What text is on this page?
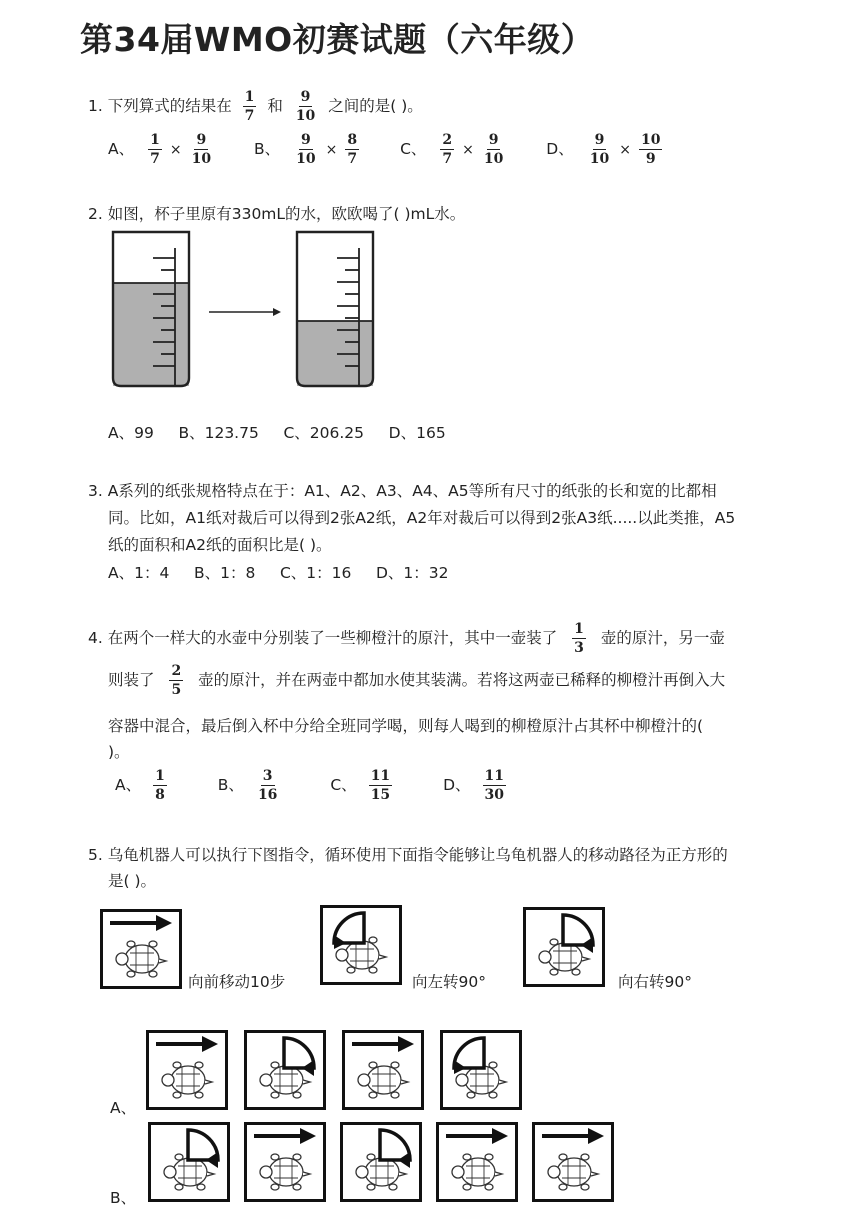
第34届WMO初赛试题（六年级）
1. 下列算式的结果在 $\frac{1}{7}$ 和 $\frac{9}{10}$ 之间的是( )。
A、 $\frac{1}{7} \times \frac{9}{10}$
	B、 $\frac{9}{10} \times \frac{8}{7}$
	C、 $\frac{2}{7} \times \frac{9}{10}$
	D、 $\frac{9}{10} \times \frac{10}{9}$
2. 如图，杯子里原有330mL的水，欧欧喝了( )mL水。
A、99     B、123.75     C、206.25     D、165
3. A系列的纸张规格特点在于：A1、A2、A3、A4、A5等所有尺寸的纸张的长和宽的比都相
同。比如，A1纸对裁后可以得到2张A2纸，A2年对裁后可以得到2张A3纸.....以此类推，A5
纸的面积和A2纸的面积比是( )。
A、1：4     B、1：8     C、1：16     D、1：32
4. 在两个一样大的水壶中分别装了一些柳橙汁的原汁，其中一壶装了 $\frac{1}{3}$ 壶的原汁，另一壶
则装了 $\frac{2}{5}$ 壶的原汁，并在两壶中都加水使其装满。若将这两壶已稀释的柳橙汁再倒入大
容器中混合，最后倒入杯中分给全班同学喝，则每人喝到的柳橙原汁占其杯中柳橙汁的(
)。
A、 $\frac{1}{8}$
	B、 $\frac{3}{16}$
	C、 $\frac{11}{15}$
	D、 $\frac{11}{30}$
5. 乌龟机器人可以执行下图指令，循环使用下面指令能够让乌龟机器人的移动路径为正方形的
是( )。
向前移动10步	向左转90°	向右转90°
A、
B、
